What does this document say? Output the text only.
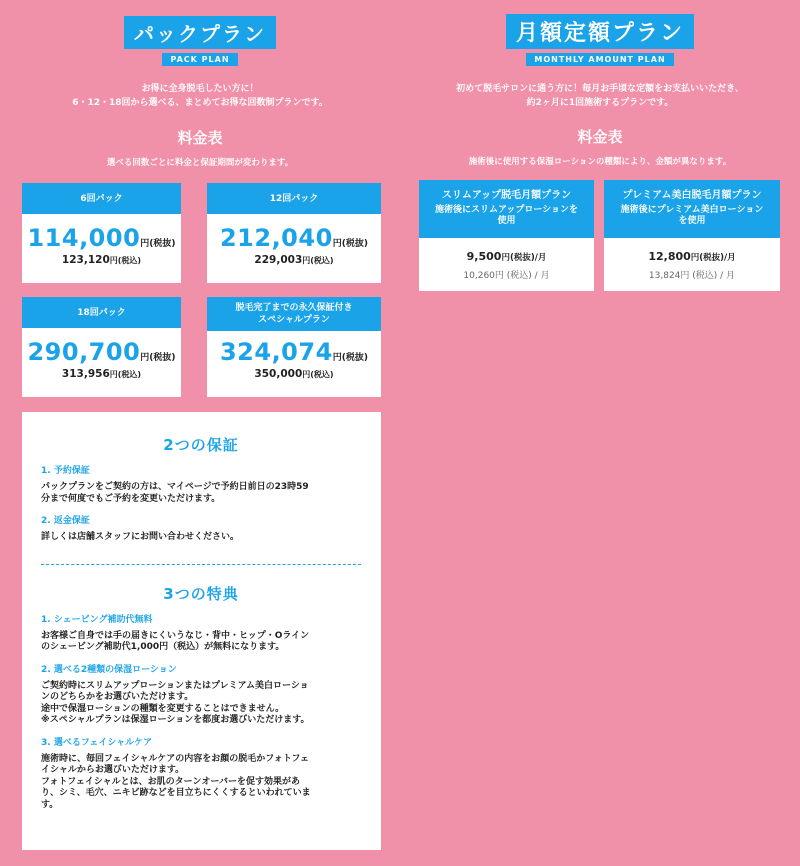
パックプラン
PACK PLAN
お得に全身脱毛したい方に！
6・12・18回から選べる、まとめてお得な回数制プランです。
料金表
選べる回数ごとに料金と保証期間が変わります。
6回パック
114,000円(税抜)
123,120円(税込)
12回パック
212,040円(税抜)
229,003円(税込)
18回パック
290,700円(税抜)
313,956円(税込)
脱毛完了までの永久保証付き
スペシャルプラン
324,074円(税抜)
350,000円(税込)
月額定額プラン
MONTHLY AMOUNT PLAN
初めて脱毛サロンに通う方に！毎月お手頃な定額をお支払いいただき、
約2ヶ月に1回施術するプランです。
料金表
施術後に使用する保湿ローションの種類により、金額が異なります。
スリムアップ脱毛月額プラン
施術後にスリムアップローションを
使用
9,500円(税抜)/月
10,260円 (税込) / 月
プレミアム美白脱毛月額プラン
施術後にプレミアム美白ローション
を使用
12,800円(税抜)/月
13,824円 (税込) / 月
2つの保証
1. 予約保証
パックプランをご契約の方は、マイページで予約日前日の23時59
分まで何度でもご予約を変更いただけます。
2. 返金保証
詳しくは店舗スタッフにお問い合わせください。
3つの特典
1. シェービング補助代無料
お客様ご自身では手の届きにくいうなじ・背中・ヒップ・Oライン
のシェービング補助代1,000円（税込）が無料になります。
2. 選べる2種類の保湿ローション
ご契約時にスリムアップローションまたはプレミアム美白ローショ
ンのどちらかをお選びいただけます。
途中で保湿ローションの種類を変更することはできません。
※スペシャルプランは保湿ローションを都度お選びいただけます。
3. 選べるフェイシャルケア
施術時に、毎回フェイシャルケアの内容をお顔の脱毛かフォトフェ
イシャルからお選びいただけます。
フォトフェイシャルとは、お肌のターンオーバーを促す効果があ
り、シミ、毛穴、ニキビ跡などを目立ちにくくするといわれていま
す。
